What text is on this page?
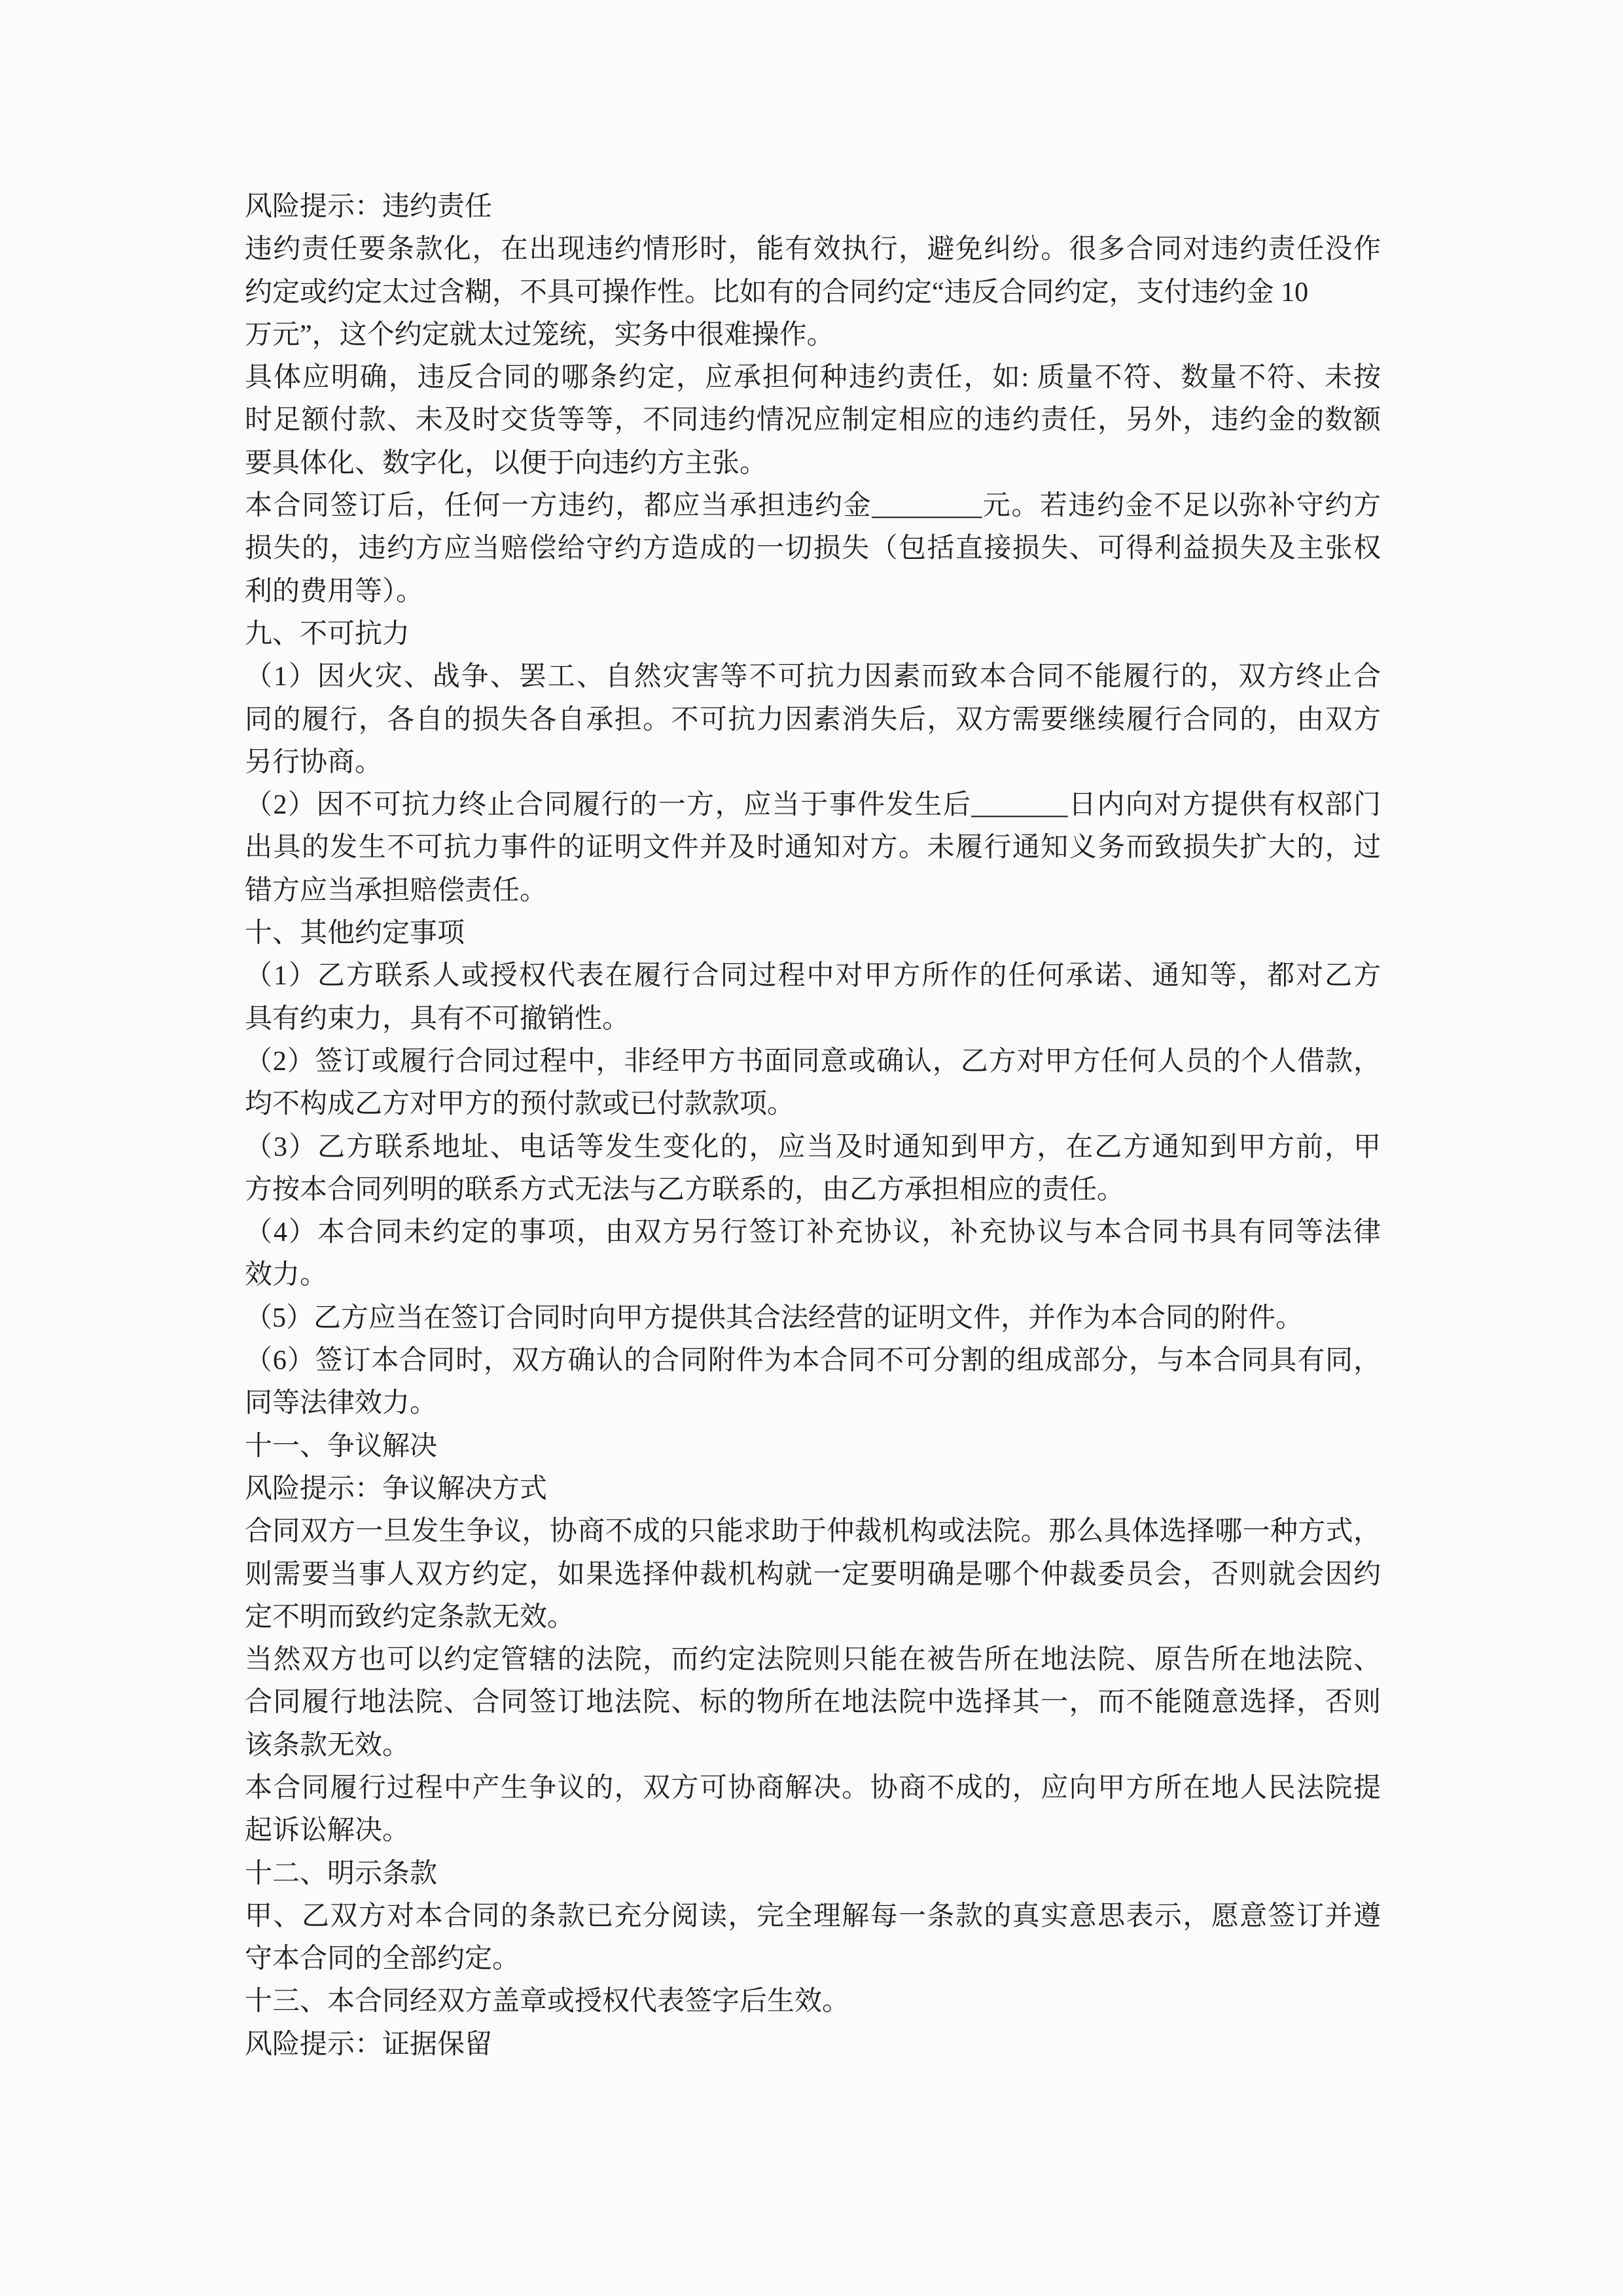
风险提示：违约责任
违约责任要条款化，在出现违约情形时，能有效执行，避免纠纷。很多合同对违约责任没作
约定或约定太过含糊，不具可操作性。比如有的合同约定“违反合同约定，支付违约金 10
万元”，这个约定就太过笼统，实务中很难操作。
具体应明确，违反合同的哪条约定，应承担何种违约责任，如: 质量不符、数量不符、未按
时足额付款、未及时交货等等，不同违约情况应制定相应的违约责任，另外，违约金的数额
要具体化、数字化，以便于向违约方主张。
本合同签订后，任何一方违约，都应当承担违约金________元。若违约金不足以弥补守约方
损失的，违约方应当赔偿给守约方造成的一切损失（包括直接损失、可得利益损失及主张权
利的费用等）。
九、不可抗力
（1）因火灾、战争、罢工、自然灾害等不可抗力因素而致本合同不能履行的，双方终止合
同的履行，各自的损失各自承担。不可抗力因素消失后，双方需要继续履行合同的，由双方
另行协商。
（2）因不可抗力终止合同履行的一方，应当于事件发生后_______日内向对方提供有权部门
出具的发生不可抗力事件的证明文件并及时通知对方。未履行通知义务而致损失扩大的，过
错方应当承担赔偿责任。
十、其他约定事项
（1）乙方联系人或授权代表在履行合同过程中对甲方所作的任何承诺、通知等，都对乙方
具有约束力，具有不可撤销性。
（2）签订或履行合同过程中，非经甲方书面同意或确认，乙方对甲方任何人员的个人借款，
均不构成乙方对甲方的预付款或已付款款项。
（3）乙方联系地址、电话等发生变化的，应当及时通知到甲方，在乙方通知到甲方前，甲
方按本合同列明的联系方式无法与乙方联系的，由乙方承担相应的责任。
（4）本合同未约定的事项，由双方另行签订补充协议，补充协议与本合同书具有同等法律
效力。
（5）乙方应当在签订合同时向甲方提供其合法经营的证明文件，并作为本合同的附件。
（6）签订本合同时，双方确认的合同附件为本合同不可分割的组成部分，与本合同具有同，
同等法律效力。
十一、争议解决
风险提示：争议解决方式
合同双方一旦发生争议，协商不成的只能求助于仲裁机构或法院。那么具体选择哪一种方式，
则需要当事人双方约定，如果选择仲裁机构就一定要明确是哪个仲裁委员会，否则就会因约
定不明而致约定条款无效。
当然双方也可以约定管辖的法院，而约定法院则只能在被告所在地法院、原告所在地法院、
合同履行地法院、合同签订地法院、标的物所在地法院中选择其一，而不能随意选择，否则
该条款无效。
本合同履行过程中产生争议的，双方可协商解决。协商不成的，应向甲方所在地人民法院提
起诉讼解决。
十二、明示条款
甲、乙双方对本合同的条款已充分阅读，完全理解每一条款的真实意思表示，愿意签订并遵
守本合同的全部约定。
十三、本合同经双方盖章或授权代表签字后生效。
风险提示：证据保留
